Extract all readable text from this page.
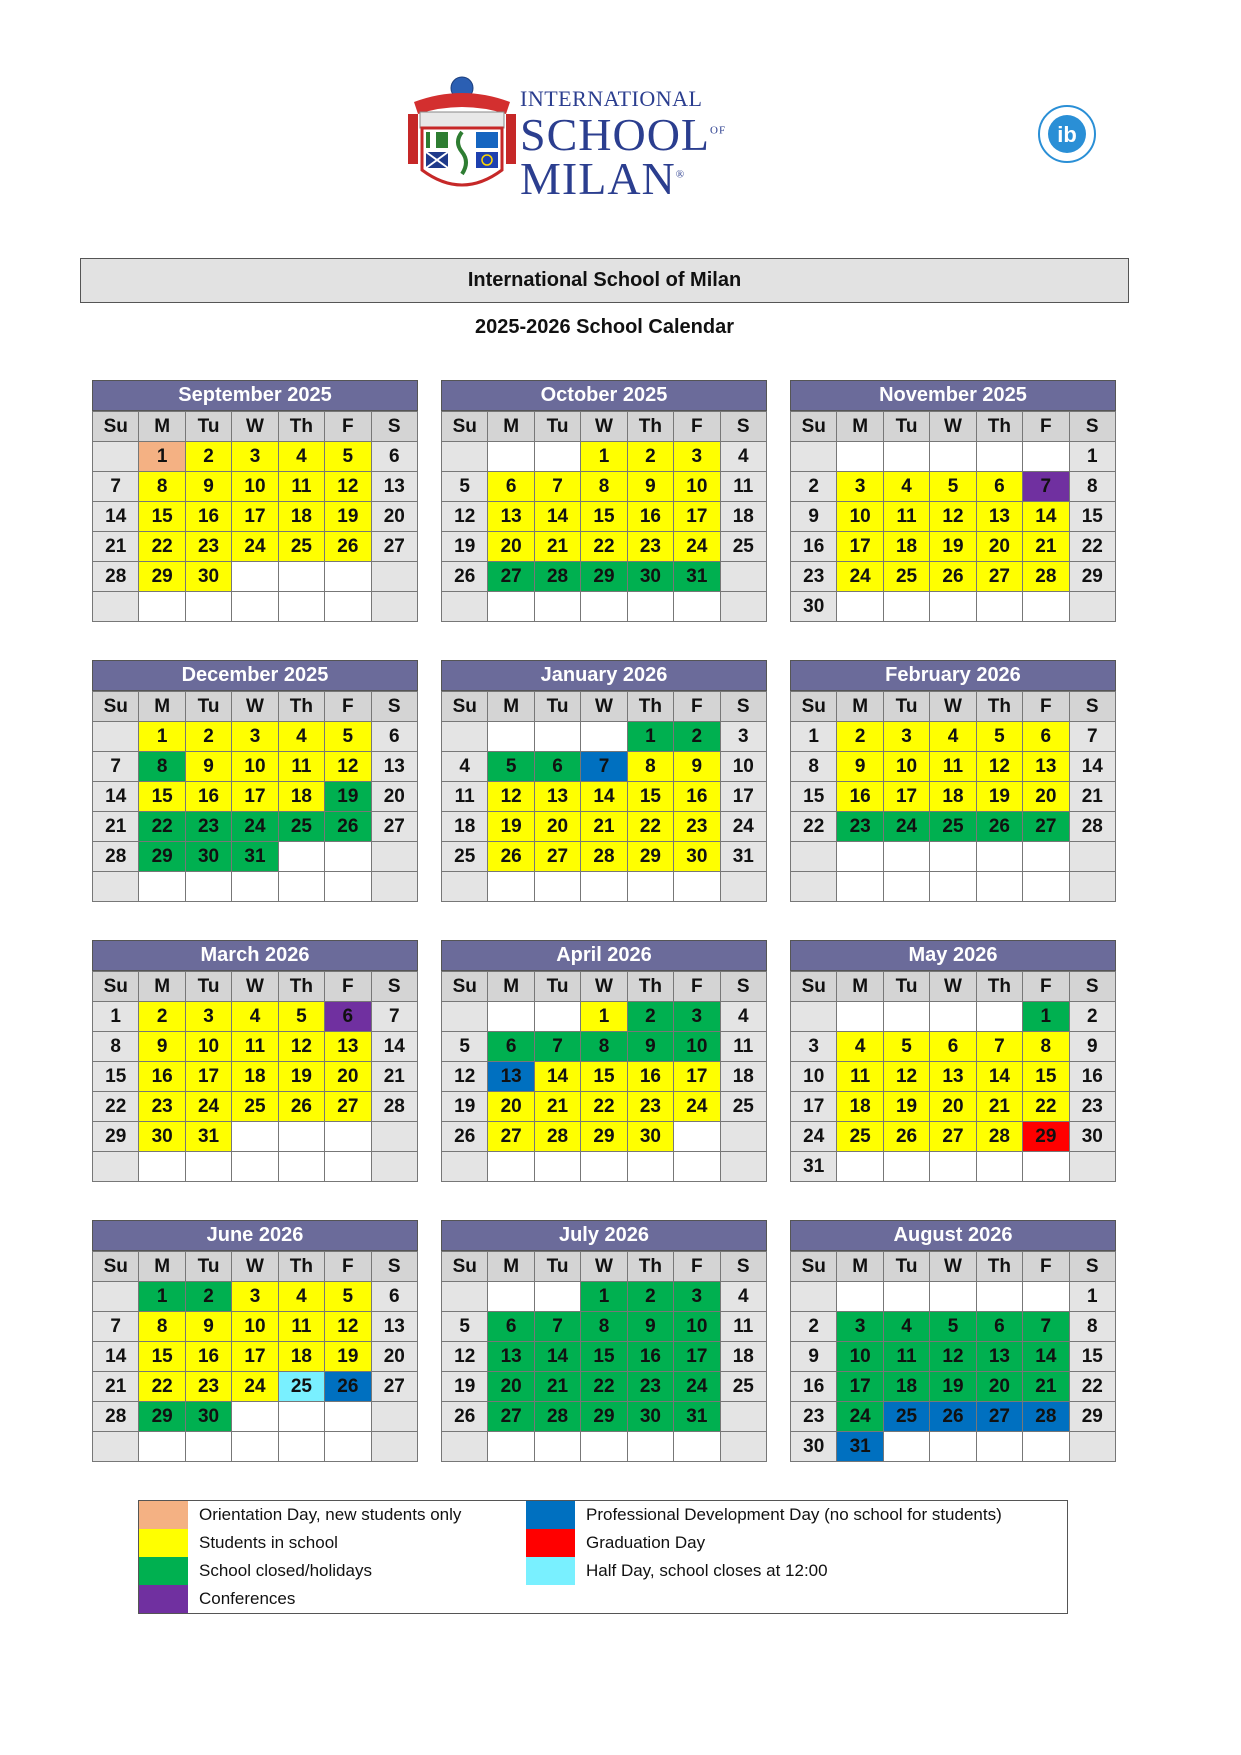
INTERNATIONAL
$SCHOOL^{OF}$
MILAN®
ib
International School of Milan
2025-2026 School Calendar
September 2025
Su	M	Tu	W	Th	F	S
	1	2	3	4	5	6
7	8	9	10	11	12	13
14	15	16	17	18	19	20
21	22	23	24	25	26	27
28	29	30				

October 2025
Su	M	Tu	W	Th	F	S
			1	2	3	4
5	6	7	8	9	10	11
12	13	14	15	16	17	18
19	20	21	22	23	24	25
26	27	28	29	30	31	

November 2025
Su	M	Tu	W	Th	F	S
						1
2	3	4	5	6	7	8
9	10	11	12	13	14	15
16	17	18	19	20	21	22
23	24	25	26	27	28	29
30						
December 2025
Su	M	Tu	W	Th	F	S
	1	2	3	4	5	6
7	8	9	10	11	12	13
14	15	16	17	18	19	20
21	22	23	24	25	26	27
28	29	30	31			

January 2026
Su	M	Tu	W	Th	F	S
				1	2	3
4	5	6	7	8	9	10
11	12	13	14	15	16	17
18	19	20	21	22	23	24
25	26	27	28	29	30	31

February 2026
Su	M	Tu	W	Th	F	S
1	2	3	4	5	6	7
8	9	10	11	12	13	14
15	16	17	18	19	20	21
22	23	24	25	26	27	28

March 2026
Su	M	Tu	W	Th	F	S
1	2	3	4	5	6	7
8	9	10	11	12	13	14
15	16	17	18	19	20	21
22	23	24	25	26	27	28
29	30	31				

April 2026
Su	M	Tu	W	Th	F	S
			1	2	3	4
5	6	7	8	9	10	11
12	13	14	15	16	17	18
19	20	21	22	23	24	25
26	27	28	29	30		

May 2026
Su	M	Tu	W	Th	F	S
					1	2
3	4	5	6	7	8	9
10	11	12	13	14	15	16
17	18	19	20	21	22	23
24	25	26	27	28	29	30
31						
June 2026
Su	M	Tu	W	Th	F	S
	1	2	3	4	5	6
7	8	9	10	11	12	13
14	15	16	17	18	19	20
21	22	23	24	25	26	27
28	29	30				

July 2026
Su	M	Tu	W	Th	F	S
			1	2	3	4
5	6	7	8	9	10	11
12	13	14	15	16	17	18
19	20	21	22	23	24	25
26	27	28	29	30	31	

August 2026
Su	M	Tu	W	Th	F	S
						1
2	3	4	5	6	7	8
9	10	11	12	13	14	15
16	17	18	19	20	21	22
23	24	25	26	27	28	29
30	31					
Orientation Day, new students only
Students in school
School closed/holidays
Conferences
Professional Development Day (no school for students)
Graduation Day
Half Day, school closes at 12:00
